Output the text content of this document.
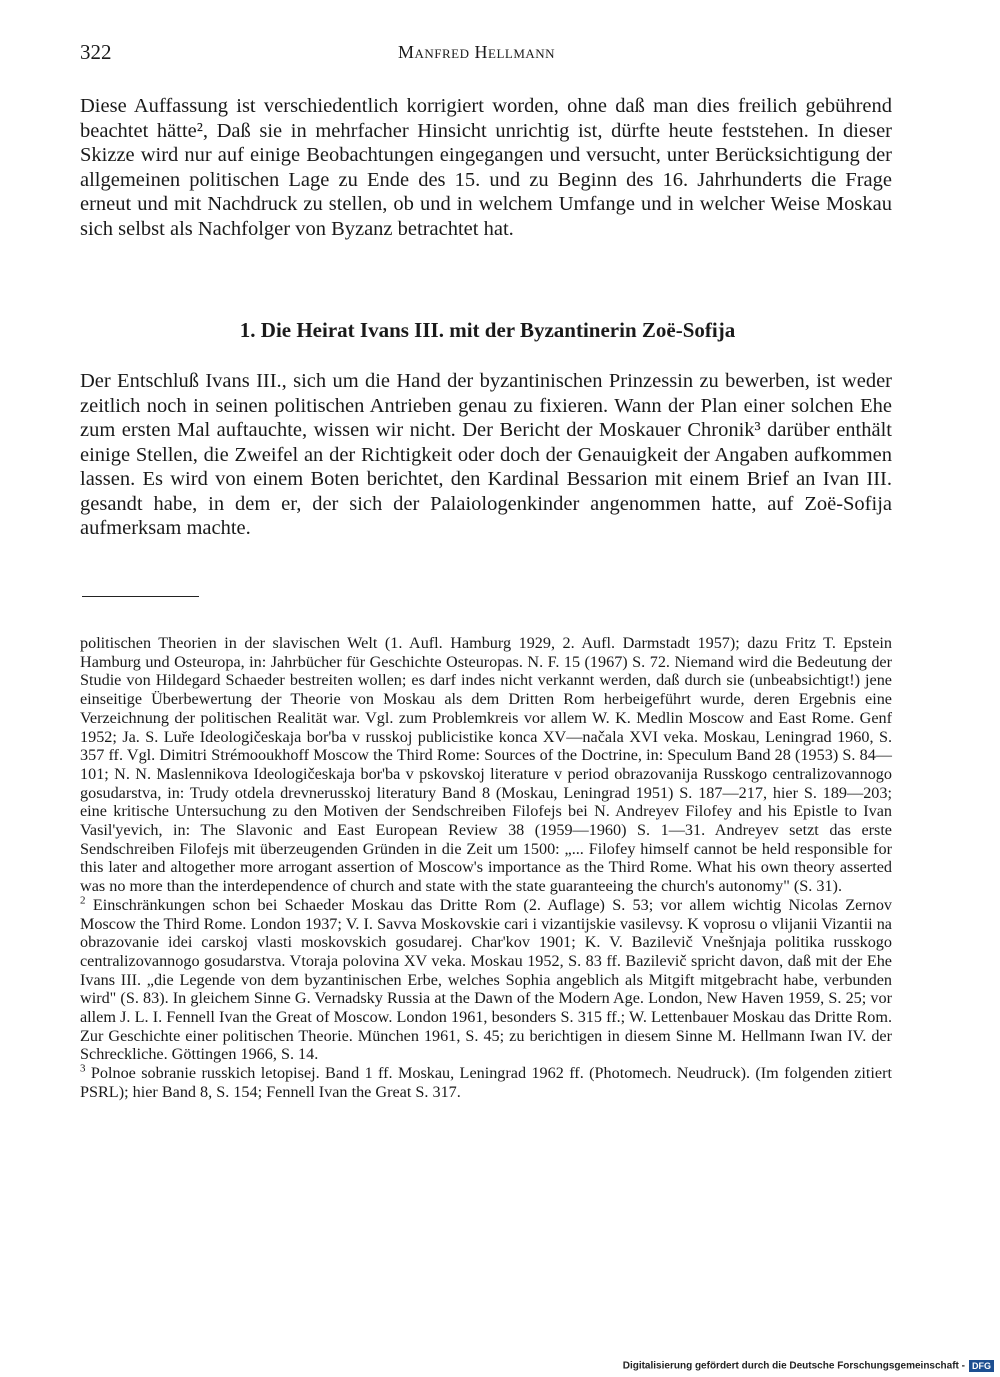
322	Manfred Hellmann

Diese Auffassung ist verschiedentlich korrigiert worden, ohne daß man dies freilich gebührend beachtet hätte², Daß sie in mehrfacher Hinsicht unrichtig ist, dürfte heute feststehen. In dieser Skizze wird nur auf einige Beobachtungen eingegangen und versucht, unter Berücksichtigung der allgemeinen politischen Lage zu Ende des 15. und zu Beginn des 16. Jahrhunderts die Frage erneut und mit Nachdruck zu stellen, ob und in welchem Umfange und in welcher Weise Moskau sich selbst als Nachfolger von Byzanz betrachtet hat.

1. Die Heirat Ivans III. mit der Byzantinerin Zoë-Sofija

Der Entschluß Ivans III., sich um die Hand der byzantinischen Prinzessin zu bewerben, ist weder zeitlich noch in seinen politischen Antrieben genau zu fixieren. Wann der Plan einer solchen Ehe zum ersten Mal auftauchte, wissen wir nicht. Der Bericht der Moskauer Chronik³ darüber enthält einige Stellen, die Zweifel an der Richtigkeit oder doch der Genauigkeit der Angaben aufkommen lassen. Es wird von einem Boten berichtet, den Kardinal Bessarion mit einem Brief an Ivan III. gesandt habe, in dem er, der sich der Palaiologenkinder angenommen hatte, auf Zoë-Sofija aufmerksam machte.

politischen Theorien in der slavischen Welt (1. Aufl. Hamburg 1929, 2. Aufl. Darmstadt 1957); dazu Fritz T. Epstein Hamburg und Osteuropa, in: Jahrbücher für Geschichte Osteuropas. N. F. 15 (1967) S. 72. Niemand wird die Bedeutung der Studie von Hildegard Schaeder bestreiten wollen; es darf indes nicht verkannt werden, daß durch sie (unbeabsichtigt!) jene einseitige Überbewertung der Theorie von Moskau als dem Dritten Rom herbeigeführt wurde, deren Ergebnis eine Verzeichnung der politischen Realität war. Vgl. zum Problemkreis vor allem W. K. Medlin Moscow and East Rome. Genf 1952; Ja. S. Luře Ideologičeskaja bor'ba v russkoj publicistike konca XV—načala XVI veka. Moskau, Leningrad 1960, S. 357 ff. Vgl. Dimitri Strémooukhoff Moscow the Third Rome: Sources of the Doctrine, in: Speculum Band 28 (1953) S. 84—101; N. N. Maslennikova Ideologičeskaja bor'ba v pskovskoj literature v period obrazovanija Russkogo centralizovannogo gosudarstva, in: Trudy otdela drevnerusskoj literatury Band 8 (Moskau, Leningrad 1951) S. 187—217, hier S. 189—203; eine kritische Untersuchung zu den Motiven der Sendschreiben Filofejs bei N. Andreyev Filofey and his Epistle to Ivan Vasil'yevich, in: The Slavonic and East European Review 38 (1959—1960) S. 1—31. Andreyev setzt das erste Sendschreiben Filofejs mit überzeugenden Gründen in die Zeit um 1500: „... Filofey himself cannot be held responsible for this later and altogether more arrogant assertion of Moscow's importance as the Third Rome. What his own theory asserted was no more than the interdependence of church and state with the state guaranteeing the church's autonomy" (S. 31).

$^2$ Einschränkungen schon bei Schaeder Moskau das Dritte Rom (2. Auflage) S. 53; vor allem wichtig Nicolas Zernov Moscow the Third Rome. London 1937; V. I. Savva Moskovskie cari i vizantijskie vasilevsy. K voprosu o vlijanii Vizantii na obrazovanie idei carskoj vlasti moskovskich gosudarej. Char'kov 1901; K. V. Bazilevič Vnešnjaja politika russkogo centralizovannogo gosudarstva. Vtoraja polovina XV veka. Moskau 1952, S. 83 ff. Bazilevič spricht davon, daß mit der Ehe Ivans III. „die Legende von dem byzantinischen Erbe, welches Sophia angeblich als Mitgift mitgebracht habe, verbunden wird" (S. 83). In gleichem Sinne G. Vernadsky Russia at the Dawn of the Modern Age. London, New Haven 1959, S. 25; vor allem J. L. I. Fennell Ivan the Great of Moscow. London 1961, besonders S. 315 ff.; W. Lettenbauer Moskau das Dritte Rom. Zur Geschichte einer politischen Theorie. München 1961, S. 45; zu berichtigen in diesem Sinne M. Hellmann Iwan IV. der Schreckliche. Göttingen 1966, S. 14.

$^3$ Polnoe sobranie russkich letopisej. Band 1 ff. Moskau, Leningrad 1962 ff. (Photomech. Neudruck). (Im folgenden zitiert PSRL); hier Band 8, S. 154; Fennell Ivan the Great S. 317.

Digitalisierung gefördert durch die Deutsche Forschungsgemeinschaft - DFG
